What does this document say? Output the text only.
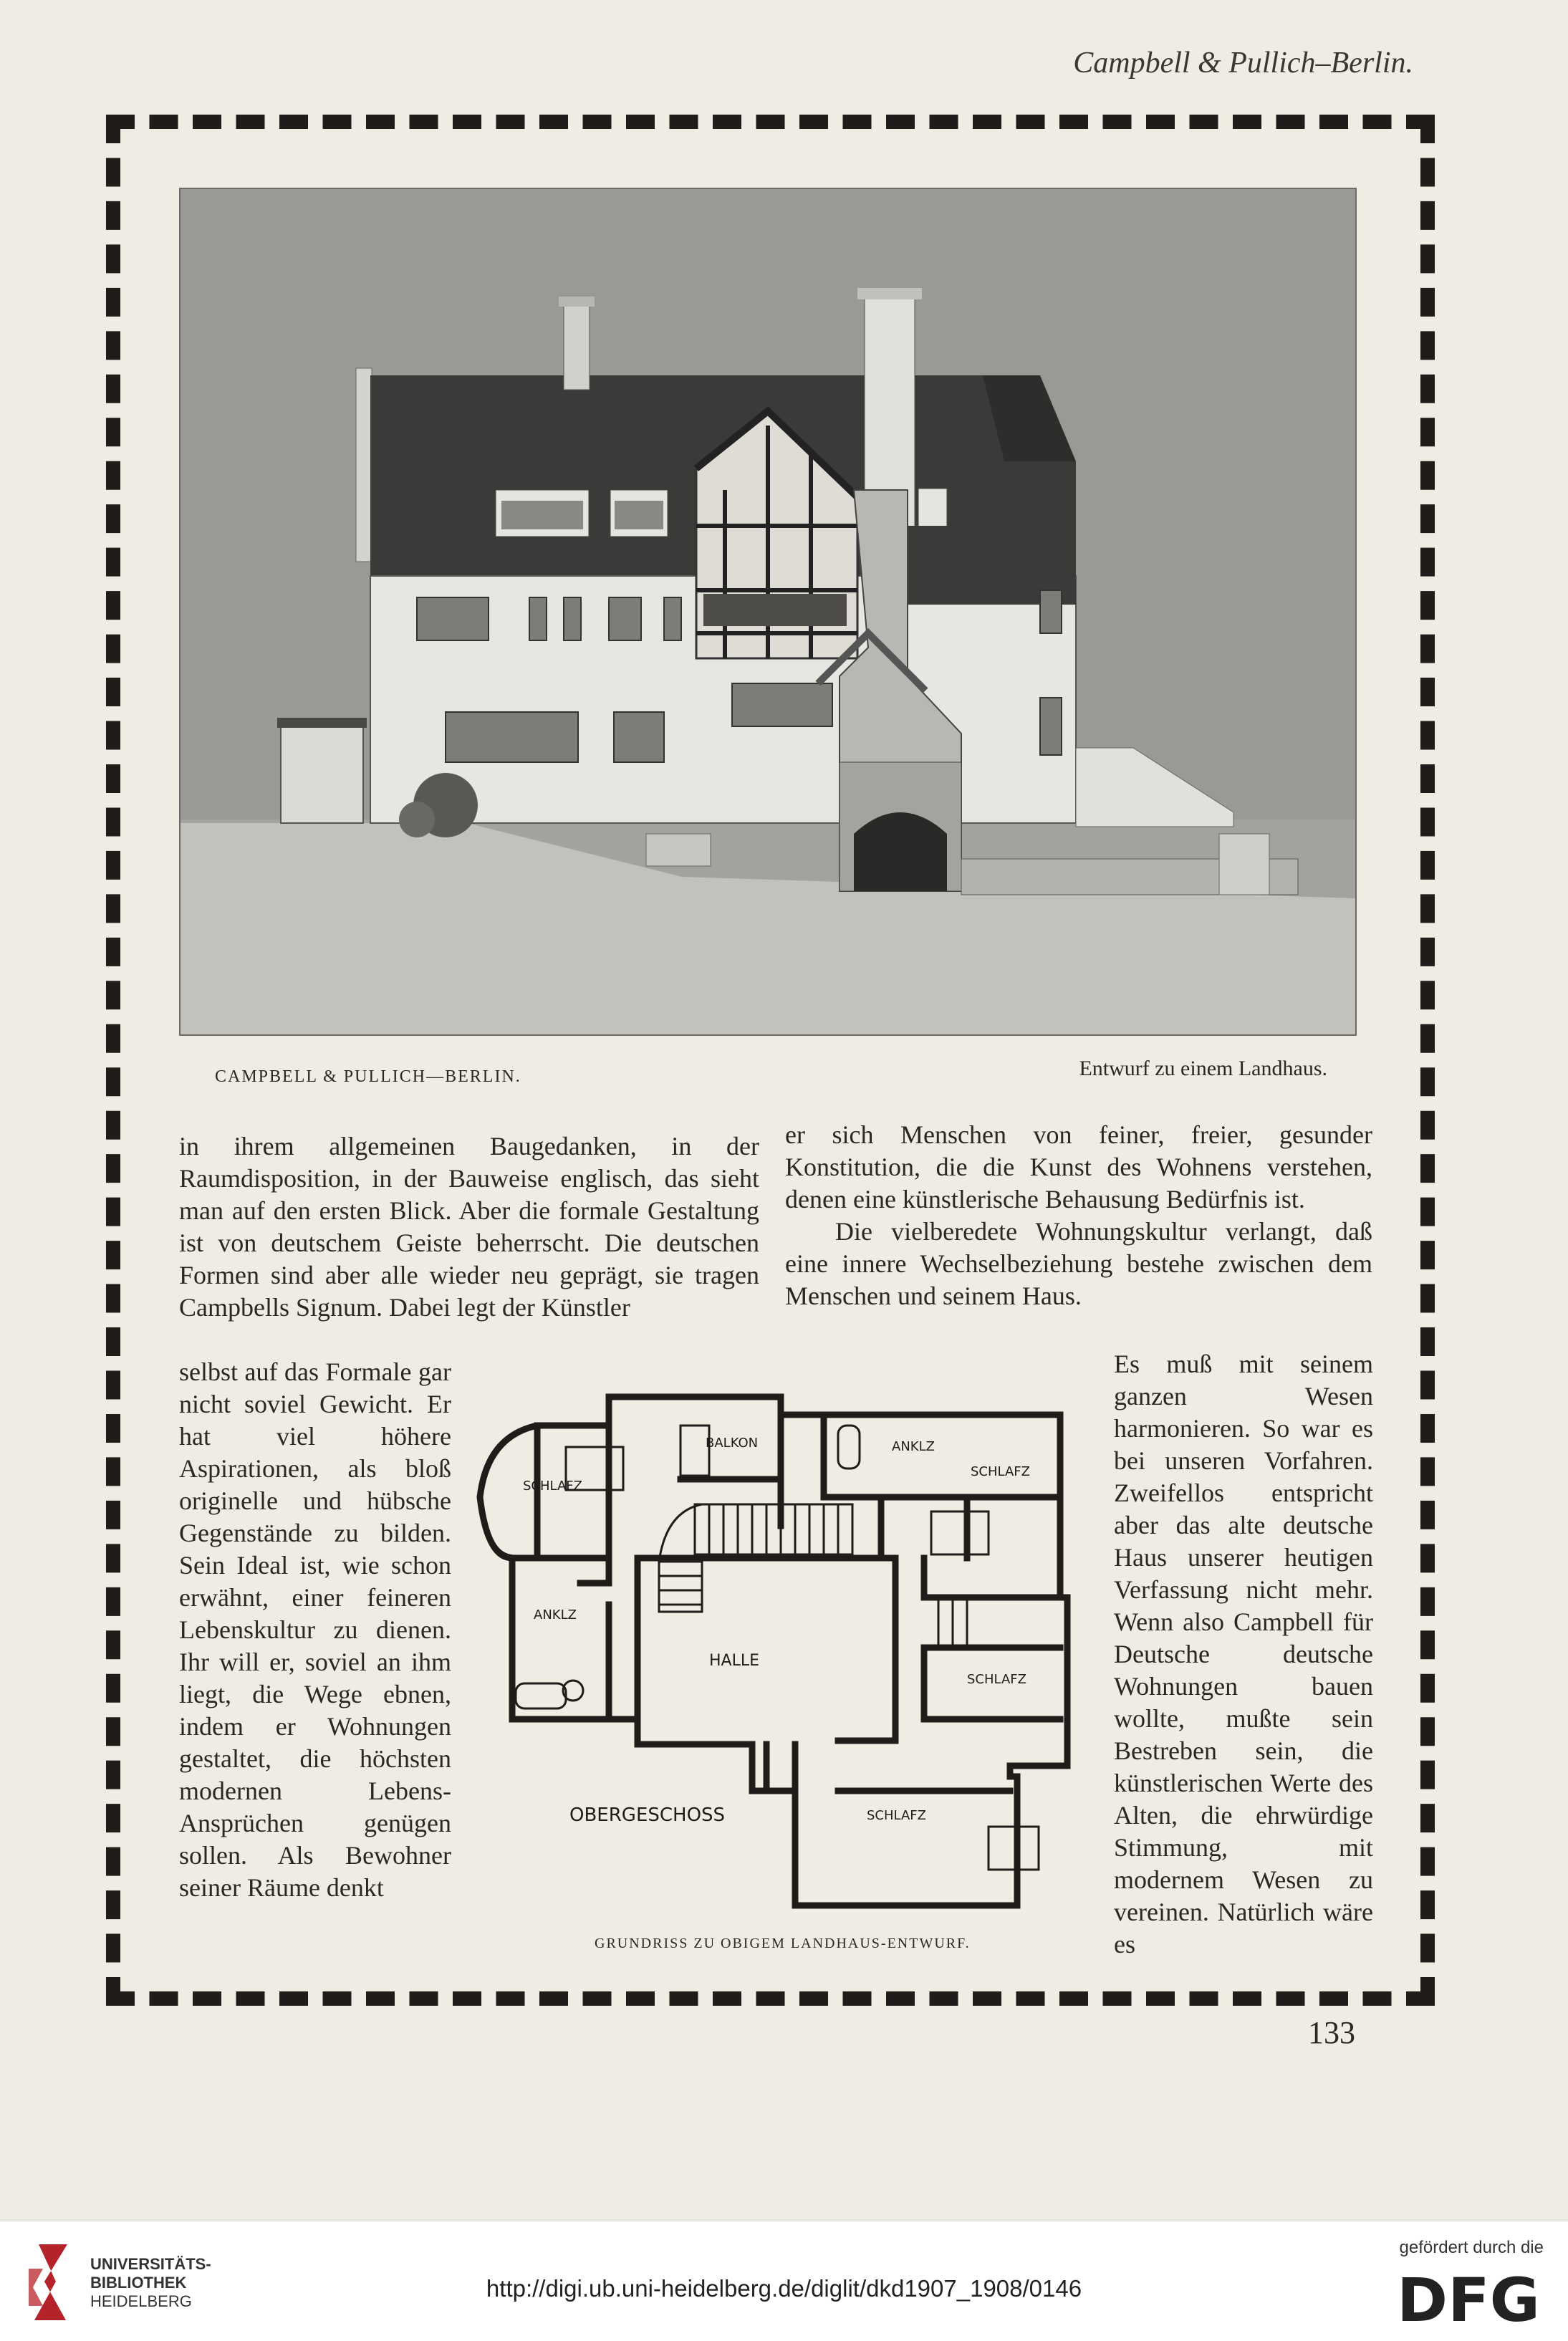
Campbell & Pullich–Berlin.
CAMPBELL & PULLICH—BERLIN.	Entwurf zu einem Landhaus.

in ihrem allgemeinen Baugedanken, in der Raumdisposition, in der Bauweise englisch, das sieht man auf den ersten Blick. Aber die formale Gestaltung ist von deutschem Geiste beherrscht. Die deutschen Formen sind aber alle wieder neu geprägt, sie tragen Campbells Signum. Dabei legt der Künstler

selbst auf das Formale gar nicht soviel Gewicht. Er hat viel höhere Aspirationen, als bloß originelle und hübsche Gegenstände zu bilden. Sein Ideal ist, wie schon erwähnt, einer feineren Lebenskultur zu dienen. Ihr will er, soviel an ihm liegt, die Wege ebnen, indem er Wohnungen gestaltet, die höchsten modernen Lebens-Ansprüchen genügen sollen. Als Bewohner seiner Räume denkt

er sich Menschen von feiner, freier, gesunder Konstitution, die die Kunst des Wohnens verstehen, denen eine künstlerische Behausung Bedürfnis ist.

Die vielberedete Wohnungskultur verlangt, daß eine innere Wechselbeziehung bestehe zwischen dem Menschen und seinem Haus.

Es muß mit seinem ganzen Wesen harmonieren. So war es bei unseren Vorfahren. Zweifellos entspricht aber das alte deutsche Haus unserer heutigen Verfassung nicht mehr. Wenn also Campbell für Deutsche deutsche Wohnungen bauen wollte, mußte sein Bestreben sein, die künstlerischen Werte des Alten, die ehrwürdige Stimmung, mit modernem Wesen zu vereinen. Natürlich wäre es

SCHLAFZ
BALKON	ANKLZ
SCHLAFZ
ANKLZ
HALLE
SCHLAFZ
SCHLAFZ
OBERGESCHOSS
GRUNDRISS ZU OBIGEM LANDHAUS-ENTWURF.
133
UNIVERSITÄTS-
BIBLIOTHEK
HEIDELBERG	http://digi.ub.uni-heidelberg.de/diglit/dkd1907_1908/0146
gefördert durch die
DFG
